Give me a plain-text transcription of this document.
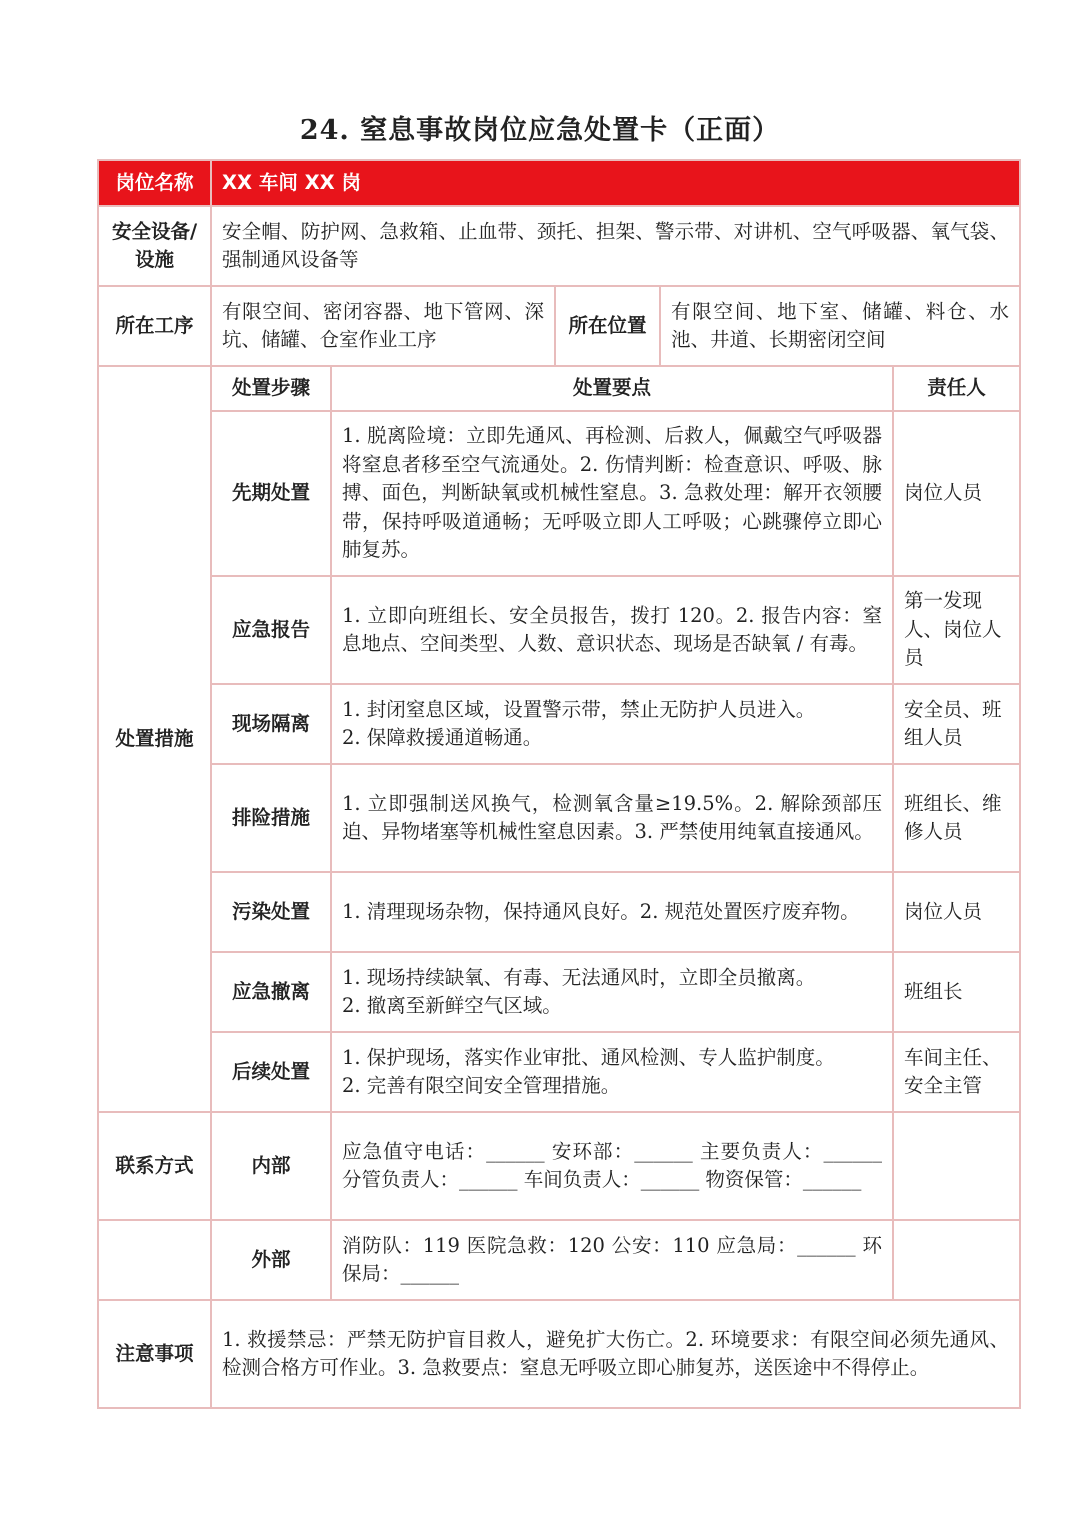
24. 窒息事故岗位应急处置卡（正面）
岗位名称	XX 车间 XX 岗				
安全设备/
设施	安全帽、防护网、急救箱、止血带、颈托、担架、警示带、对讲机、空气呼吸器、氧气袋、强制通风设备等				
所在工序	有限空间、密闭容器、地下管网、深坑、储罐、仓室作业工序		所在位置	有限空间、地下室、储罐、料仓、水池、井道、长期密闭空间	
处置措施	处置步骤	处置要点			责任人
	先期处置	1. 脱离险境：立即先通风、再检测、后救人，佩戴空气呼吸器将窒息者移至空气流通处。2. 伤情判断：检查意识、呼吸、脉搏、面色，判断缺氧或机械性窒息。3. 急救处理：解开衣领腰带，保持呼吸道通畅；无呼吸立即人工呼吸；心跳骤停立即心肺复苏。			岗位人员
	应急报告	1. 立即向班组长、安全员报告，拨打 120。2. 报告内容：窒息地点、空间类型、人数、意识状态、现场是否缺氧 / 有毒。			第一发现人、岗位人员
	现场隔离	1. 封闭窒息区域，设置警示带，禁止无防护人员进入。
2. 保障救援通道畅通。			安全员、班组人员
	排险措施	1. 立即强制送风换气，检测氧含量≥19.5%。2. 解除颈部压迫、异物堵塞等机械性窒息因素。3. 严禁使用纯氧直接通风。			班组长、维修人员
	污染处置	1. 清理现场杂物，保持通风良好。2. 规范处置医疗废弃物。			岗位人员
	应急撤离	1. 现场持续缺氧、有毒、无法通风时，立即全员撤离。
2. 撤离至新鲜空气区域。			班组长
	后续处置	1. 保护现场，落实作业审批、通风检测、专人监护制度。
2. 完善有限空间安全管理措施。			车间主任、安全主管
联系方式	内部	应急值守电话：______ 安环部：______ 主要负责人：______ 分管负责人：______ 车间负责人：______ 物资保管：______			
	外部	消防队：119 医院急救：120 公安：110 应急局：______ 环保局：______			
注意事项	1. 救援禁忌：严禁无防护盲目救人，避免扩大伤亡。2. 环境要求：有限空间必须先通风、检测合格方可作业。3. 急救要点：窒息无呼吸立即心肺复苏，送医途中不得停止。				
